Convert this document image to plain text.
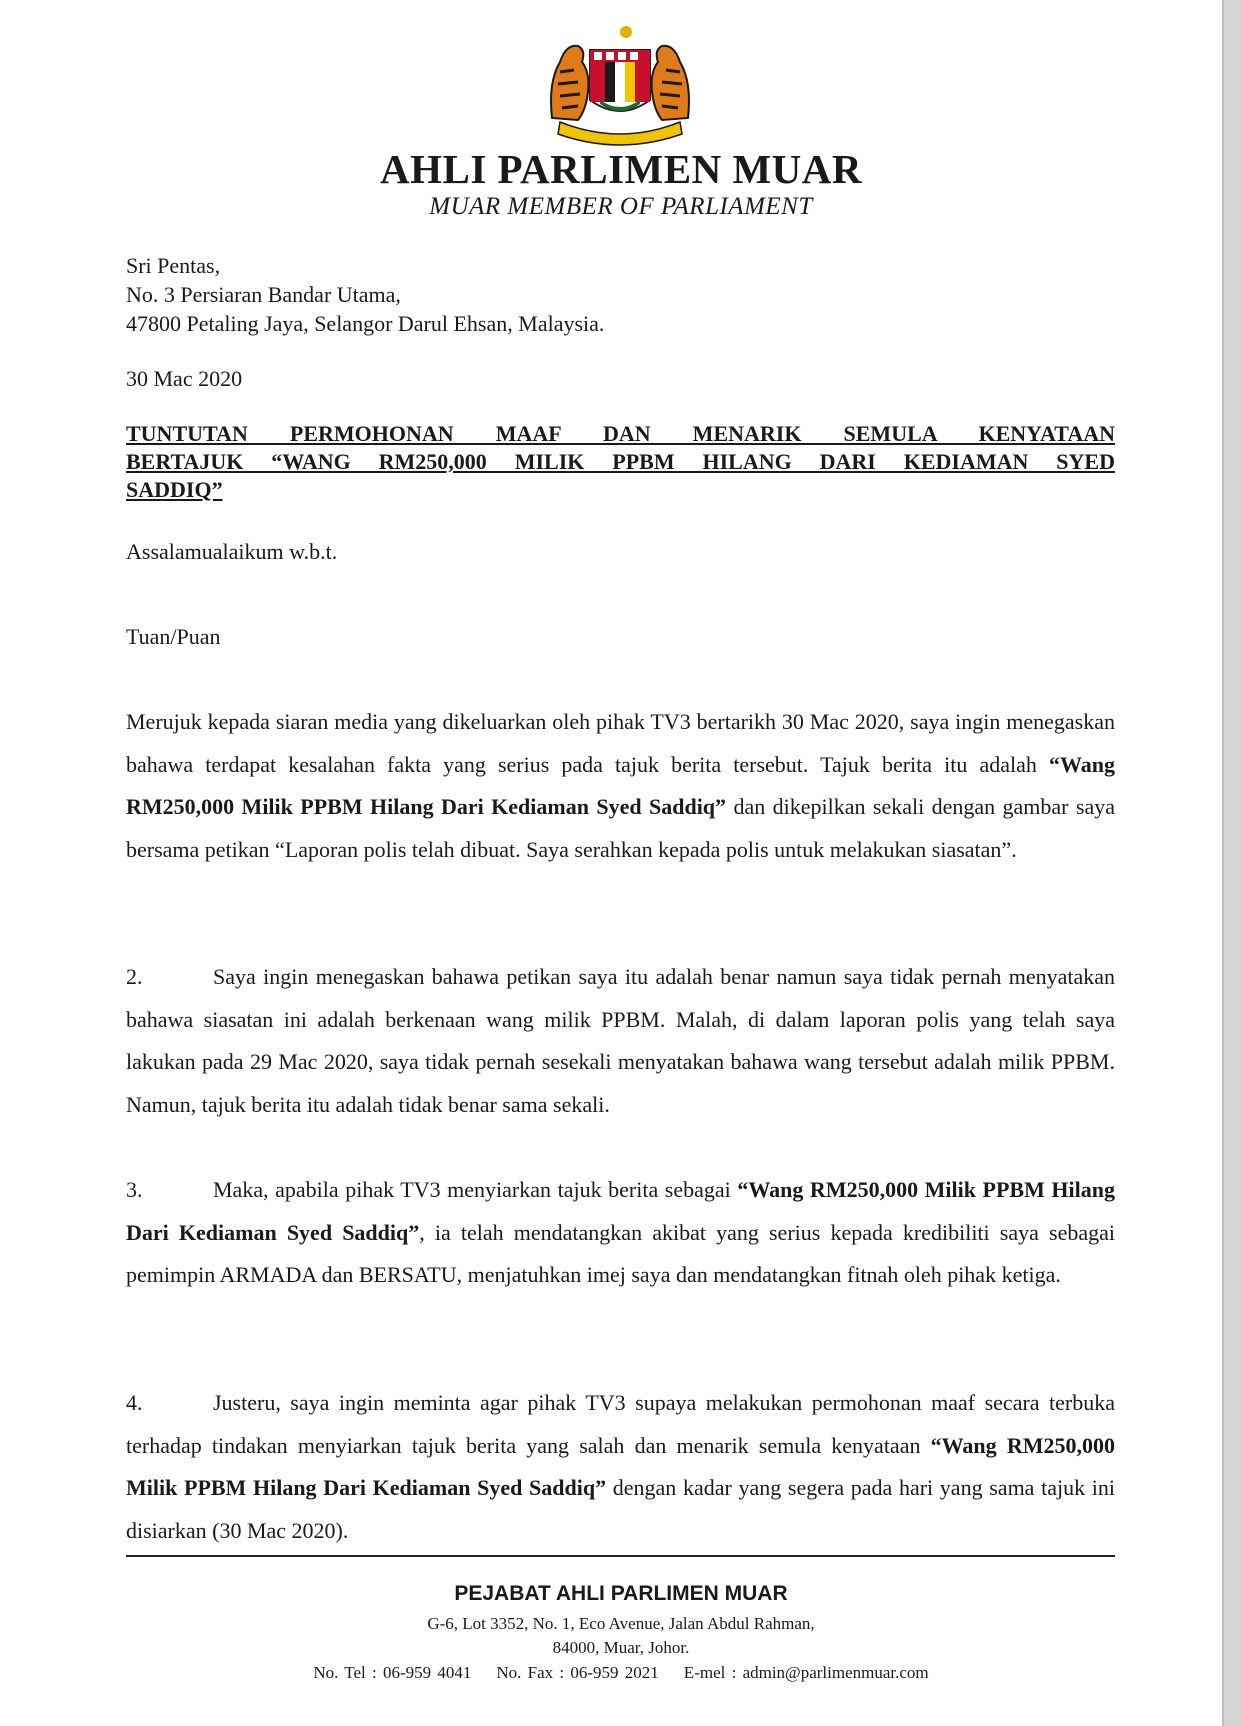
AHLI PARLIMEN MUAR
MUAR MEMBER OF PARLIAMENT
Sri Pentas,
No. 3 Persiaran Bandar Utama,
47800 Petaling Jaya, Selangor Darul Ehsan, Malaysia.
30 Mac 2020
TUNTUTAN PERMOHONAN MAAF DAN MENARIK SEMULA KENYATAAN
BERTAJUK “WANG RM250,000 MILIK PPBM HILANG DARI KEDIAMAN SYED
SADDIQ”
Assalamualaikum w.b.t.
Tuan/Puan
Merujuk kepada siaran media yang dikeluarkan oleh pihak TV3 bertarikh 30 Mac 2020, saya ingin menegaskan bahawa terdapat kesalahan fakta yang serius pada tajuk berita tersebut. Tajuk berita itu adalah “Wang RM250,000 Milik PPBM Hilang Dari Kediaman Syed Saddiq” dan dikepilkan sekali dengan gambar saya bersama petikan “Laporan polis telah dibuat. Saya serahkan kepada polis untuk melakukan siasatan”.
2.	Saya ingin menegaskan bahawa petikan saya itu adalah benar namun saya tidak pernah menyatakan bahawa siasatan ini adalah berkenaan wang milik PPBM. Malah, di dalam laporan polis yang telah saya lakukan pada 29 Mac 2020, saya tidak pernah sesekali menyatakan bahawa wang tersebut adalah milik PPBM. Namun, tajuk berita itu adalah tidak benar sama sekali.
3.	Maka, apabila pihak TV3 menyiarkan tajuk berita sebagai “Wang RM250,000 Milik PPBM Hilang Dari Kediaman Syed Saddiq”, ia telah mendatangkan akibat yang serius kepada kredibiliti saya sebagai pemimpin ARMADA dan BERSATU, menjatuhkan imej saya dan mendatangkan fitnah oleh pihak ketiga.
4.	Justeru, saya ingin meminta agar pihak TV3 supaya melakukan permohonan maaf secara terbuka terhadap tindakan menyiarkan tajuk berita yang salah dan menarik semula kenyataan “Wang RM250,000 Milik PPBM Hilang Dari Kediaman Syed Saddiq” dengan kadar yang segera pada hari yang sama tajuk ini disiarkan (30 Mac 2020).
PEJABAT AHLI PARLIMEN MUAR
G-6, Lot 3352, No. 1, Eco Avenue, Jalan Abdul Rahman,
84000, Muar, Johor.
No. Tel : 06-959 4041    No. Fax : 06-959 2021    E-mel : admin@parlimenmuar.com
